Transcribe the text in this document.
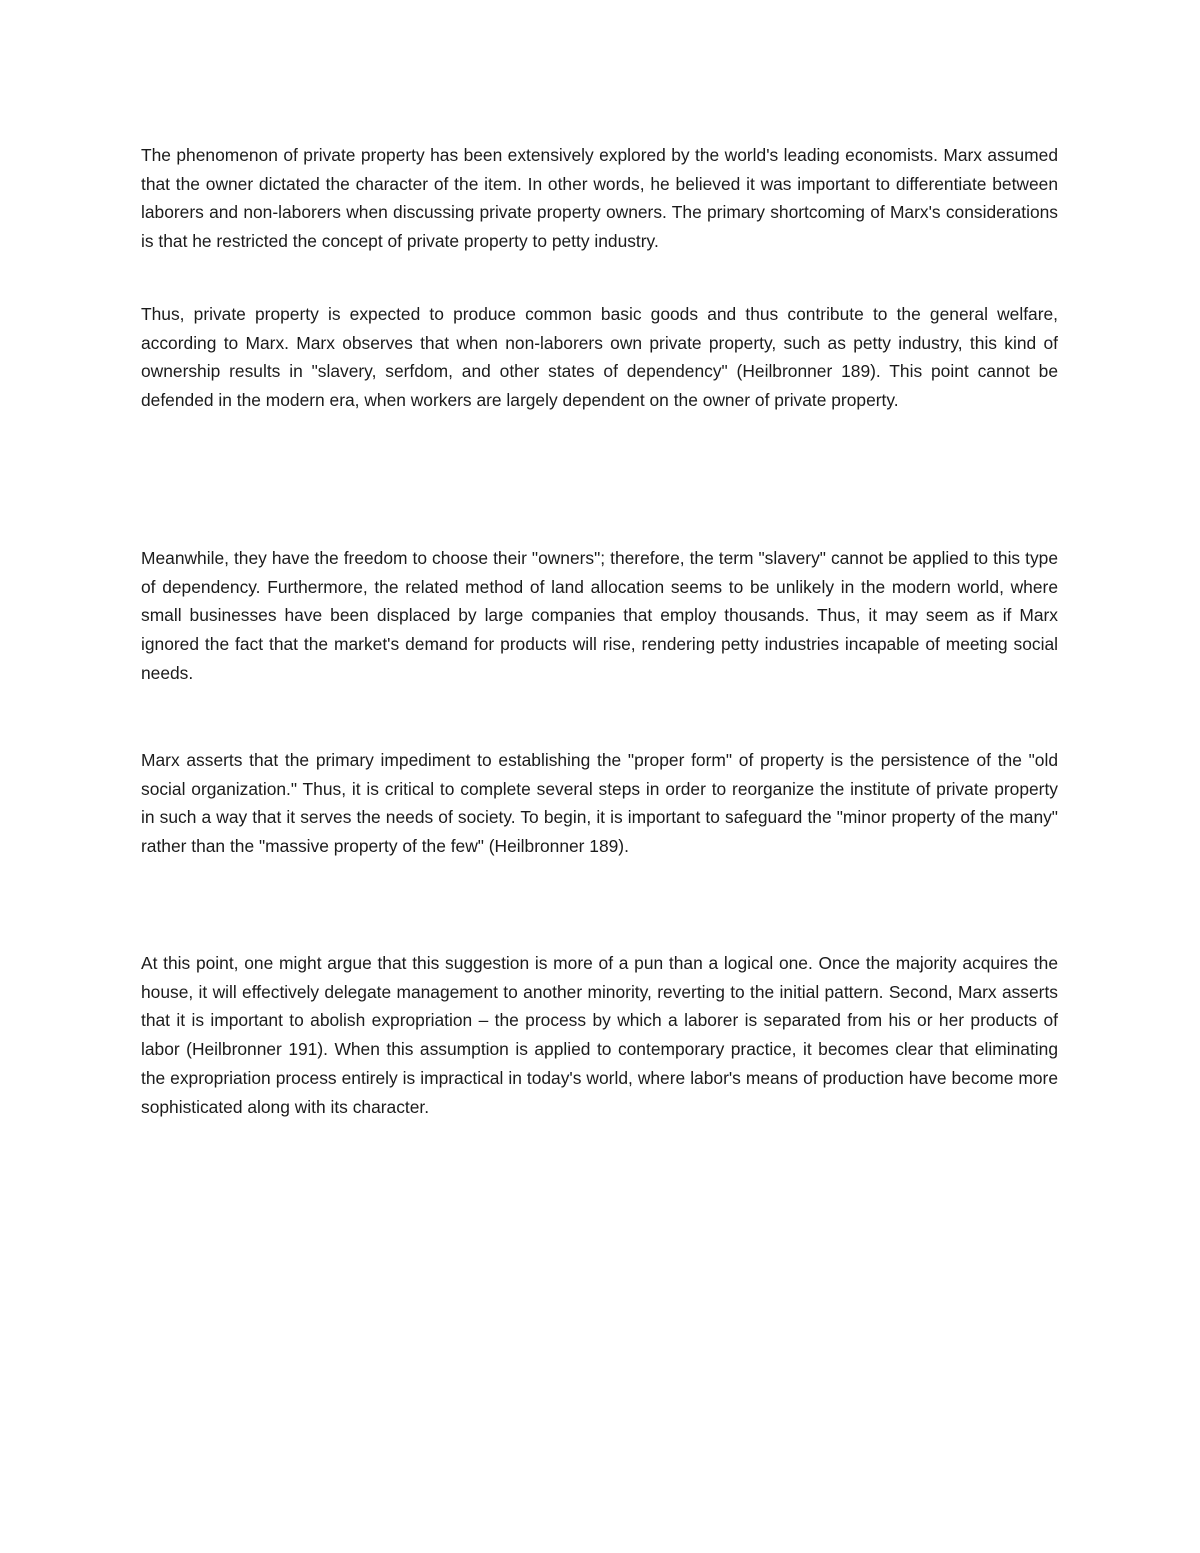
The phenomenon of private property has been extensively explored by the world's leading economists. Marx assumed that the owner dictated the character of the item. In other words, he believed it was important to differentiate between laborers and non-laborers when discussing private property owners. The primary shortcoming of Marx's considerations is that he restricted the concept of private property to petty industry.

Thus, private property is expected to produce common basic goods and thus contribute to the general welfare, according to Marx. Marx observes that when non-laborers own private property, such as petty industry, this kind of ownership results in "slavery, serfdom, and other states of dependency" (Heilbronner 189). This point cannot be defended in the modern era, when workers are largely dependent on the owner of private property.

Meanwhile, they have the freedom to choose their "owners"; therefore, the term "slavery" cannot be applied to this type of dependency. Furthermore, the related method of land allocation seems to be unlikely in the modern world, where small businesses have been displaced by large companies that employ thousands. Thus, it may seem as if Marx ignored the fact that the market's demand for products will rise, rendering petty industries incapable of meeting social needs.

Marx asserts that the primary impediment to establishing the "proper form" of property is the persistence of the "old social organization." Thus, it is critical to complete several steps in order to reorganize the institute of private property in such a way that it serves the needs of society. To begin, it is important to safeguard the "minor property of the many" rather than the "massive property of the few" (Heilbronner 189).

At this point, one might argue that this suggestion is more of a pun than a logical one. Once the majority acquires the house, it will effectively delegate management to another minority, reverting to the initial pattern. Second, Marx asserts that it is important to abolish expropriation – the process by which a laborer is separated from his or her products of labor (Heilbronner 191). When this assumption is applied to contemporary practice, it becomes clear that eliminating the expropriation process entirely is impractical in today's world, where labor's means of production have become more sophisticated along with its character.
